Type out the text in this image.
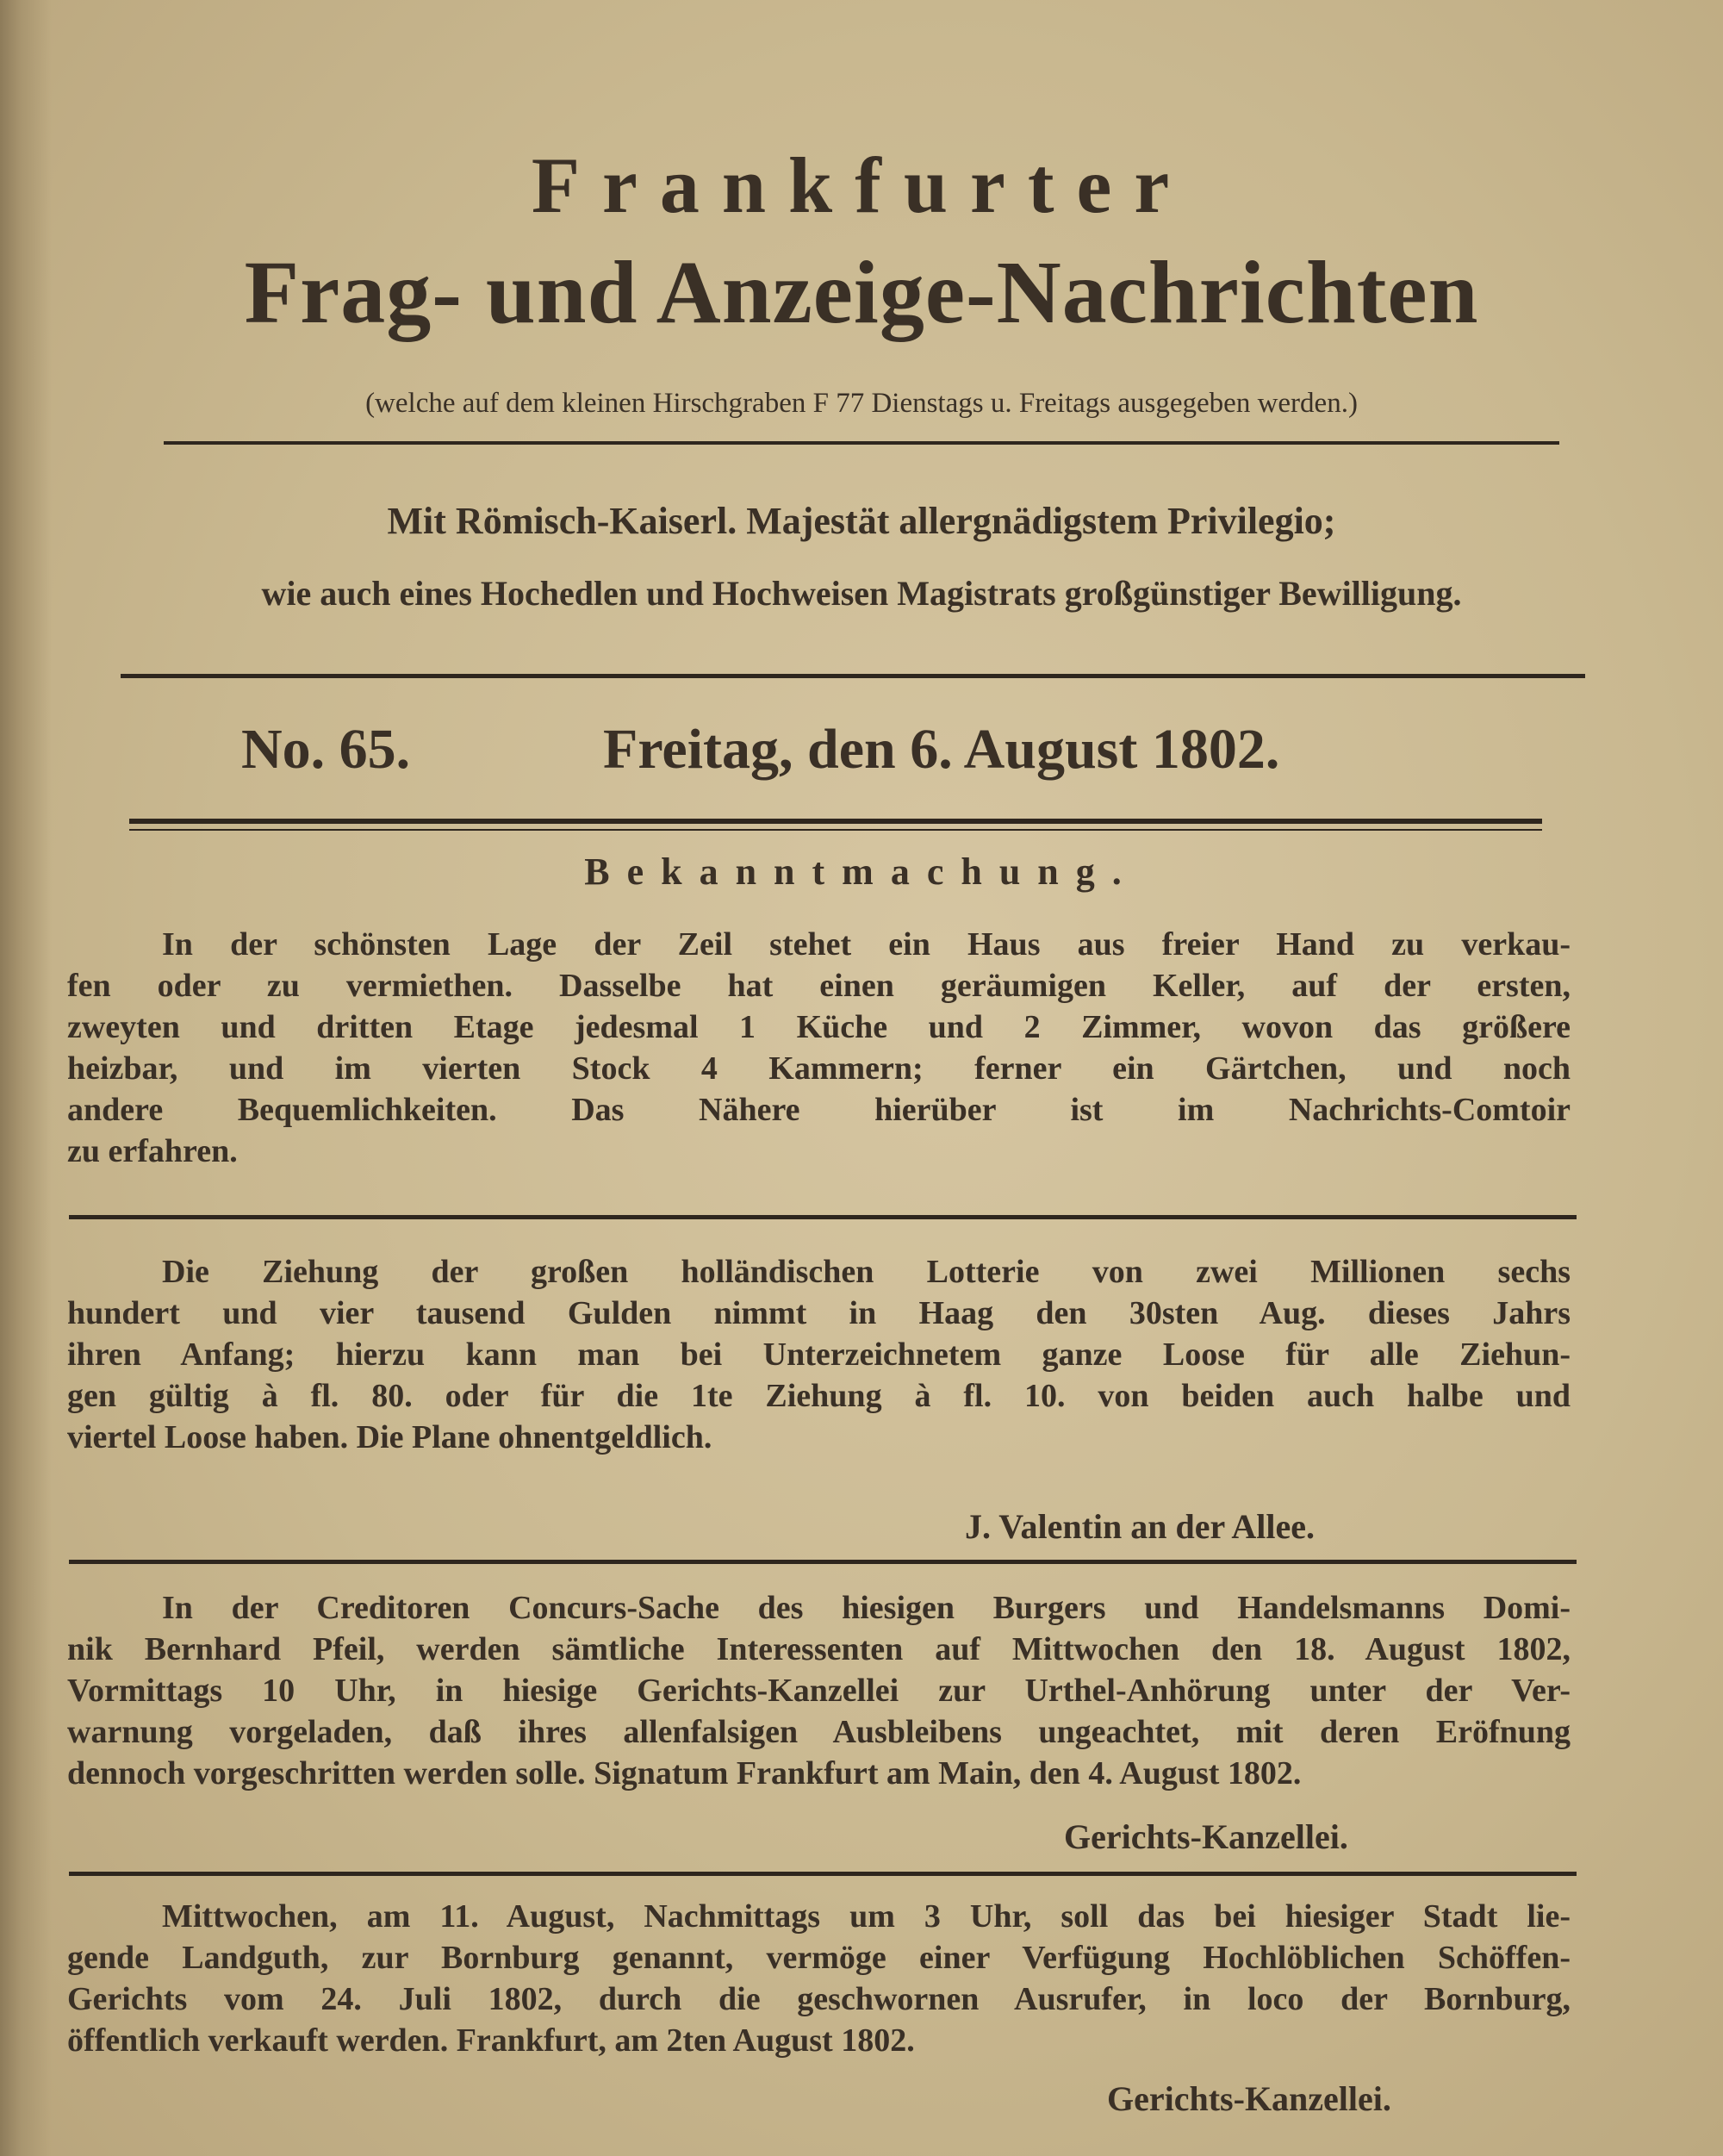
Frankfurter
Frag- und Anzeige-Nachrichten
(welche auf dem kleinen Hirschgraben F 77 Dienstags u. Freitags ausgegeben werden.)
Mit Römisch-Kaiserl. Majestät allergnädigstem Privilegio;
wie auch eines Hochedlen und Hochweisen Magistrats großgünstiger Bewilligung.
No. 65.	Freitag, den 6. August 1802.
Bekanntmachung.
In der schönsten Lage der Zeil stehet ein Haus aus freier Hand zu verkau-
fen oder zu vermiethen. Dasselbe hat einen geräumigen Keller, auf der ersten,
zweyten und dritten Etage jedesmal 1 Küche und 2 Zimmer, wovon das größere
heizbar, und im vierten Stock 4 Kammern; ferner ein Gärtchen, und noch
andere Bequemlichkeiten. Das Nähere hierüber ist im Nachrichts-Comtoir
zu erfahren.
Die Ziehung der großen holländischen Lotterie von zwei Millionen sechs
hundert und vier tausend Gulden nimmt in Haag den 30sten Aug. dieses Jahrs
ihren Anfang; hierzu kann man bei Unterzeichnetem ganze Loose für alle Ziehun-
gen gültig à fl. 80. oder für die 1te Ziehung à fl. 10. von beiden auch halbe und
viertel Loose haben. Die Plane ohnentgeldlich.
J. Valentin an der Allee.
In der Creditoren Concurs-Sache des hiesigen Burgers und Handelsmanns Domi-
nik Bernhard Pfeil, werden sämtliche Interessenten auf Mittwochen den 18. August 1802,
Vormittags 10 Uhr, in hiesige Gerichts-Kanzellei zur Urthel-Anhörung unter der Ver-
warnung vorgeladen, daß ihres allenfalsigen Ausbleibens ungeachtet, mit deren Eröfnung
dennoch vorgeschritten werden solle. Signatum Frankfurt am Main, den 4. August 1802.
Gerichts-Kanzellei.
Mittwochen, am 11. August, Nachmittags um 3 Uhr, soll das bei hiesiger Stadt lie-
gende Landguth, zur Bornburg genannt, vermöge einer Verfügung Hochlöblichen Schöffen-
Gerichts vom 24. Juli 1802, durch die geschwornen Ausrufer, in loco der Bornburg,
öffentlich verkauft werden. Frankfurt, am 2ten August 1802.
Gerichts-Kanzellei.
